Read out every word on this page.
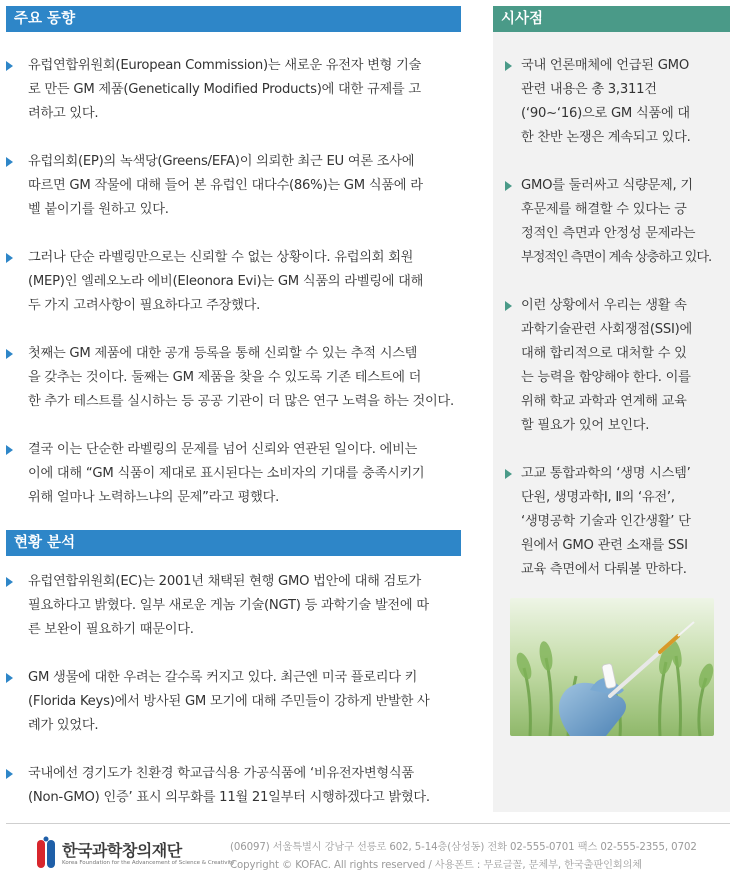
주요 동향
유럽연합위원회(European Commission)는 새로운 유전자 변형 기술
로 만든 GM 제품(Genetically Modified Products)에 대한 규제를 고
려하고 있다.
유럽의회(EP)의 녹색당(Greens/EFA)이 의뢰한 최근 EU 여론 조사에
따르면 GM 작물에 대해 들어 본 유럽인 대다수(86%)는 GM 식품에 라
벨 붙이기를 원하고 있다.
그러나 단순 라벨링만으로는 신뢰할 수 없는 상황이다. 유럽의회 회원
(MEP)인 엘레오노라 에비(Eleonora Evi)는 GM 식품의 라벨링에 대해
두 가지 고려사항이 필요하다고 주장했다.
첫째는 GM 제품에 대한 공개 등록을 통해 신뢰할 수 있는 추적 시스템
을 갖추는 것이다. 둘째는 GM 제품을 찾을 수 있도록 기존 테스트에 더
한 추가 테스트를 실시하는 등 공공 기관이 더 많은 연구 노력을 하는 것이다.
결국 이는 단순한 라벨링의 문제를 넘어 신뢰와 연관된 일이다. 에비는
이에 대해 “GM 식품이 제대로 표시된다는 소비자의 기대를 충족시키기
위해 얼마나 노력하느냐의 문제”라고 평했다.
현황 분석
유럽연합위원회(EC)는 2001년 채택된 현행 GMO 법안에 대해 검토가
필요하다고 밝혔다. 일부 새로운 게놈 기술(NGT) 등 과학기술 발전에 따
른 보완이 필요하기 때문이다.
GM 생물에 대한 우려는 갈수록 커지고 있다. 최근엔 미국 플로리다 키
(Florida Keys)에서 방사된 GM 모기에 대해 주민들이 강하게 반발한 사
례가 있었다.
국내에선 경기도가 친환경 학교급식용 가공식품에 ‘비유전자변형식품
(Non-GMO) 인증’ 표시 의무화를 11월 21일부터 시행하겠다고 밝혔다.
시사점
국내 언론매체에 언급된 GMO
관련 내용은 총 3,311건
(‘90~‘16)으로 GM 식품에 대
한 찬반 논쟁은 계속되고 있다.
GMO를 둘러싸고 식량문제, 기
후문제를 해결할 수 있다는 긍
정적인 측면과 안정성 문제라는
부정적인 측면이 계속 상충하고 있다.
이런 상황에서 우리는 생활 속
과학기술관련 사회쟁점(SSI)에
대해 합리적으로 대처할 수 있
는 능력을 함양해야 한다. 이를
위해 학교 과학과 연계해 교육
할 필요가 있어 보인다.
고교 통합과학의 ‘생명 시스템’
단원, 생명과학Ⅰ, Ⅱ의 ‘유전’,
‘생명공학 기술과 인간생활’ 단
원에서 GMO 관련 소재를 SSI
교육 측면에서 다뤄볼 만하다.
한국과학창의재단
Korea Foundation for the Advancement of Science & Creativity
(06097) 서울특별시 강남구 선릉로 602, 5-14층(삼성동) 전화 02-555-0701 팩스 02-555-2355, 0702
Copyright © KOFAC. All rights reserved / 사용폰트 : 무료글꼴, 문체부, 한국출판인회의체
